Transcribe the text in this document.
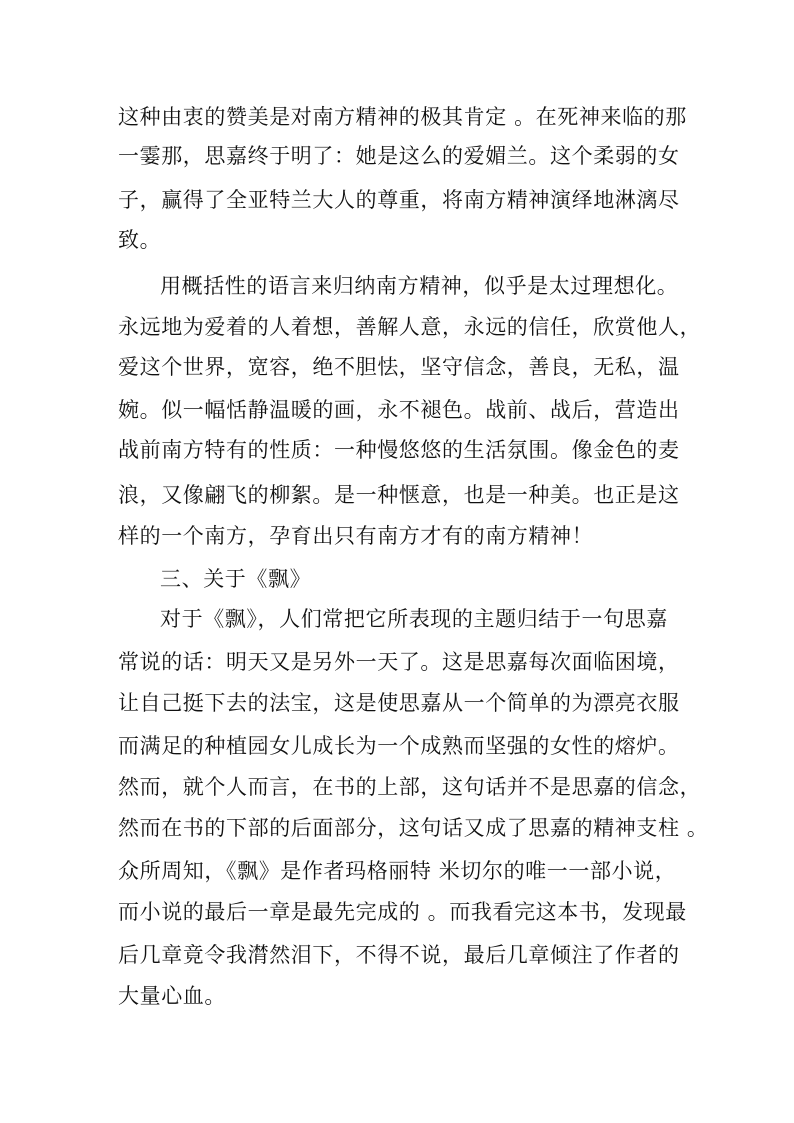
这种由衷的赞美是对南方精神的极其肯定 。在死神来临的那
一霎那，思嘉终于明了：她是这么的爱媚兰。这个柔弱的女
子，赢得了全亚特兰大人的尊重，将南方精神演绎地淋漓尽
致。
用概括性的语言来归纳南方精神，似乎是太过理想化。
永远地为爱着的人着想，善解人意，永远的信任，欣赏他人，
爱这个世界，宽容，绝不胆怯，坚守信念，善良，无私，温
婉。似一幅恬静温暖的画，永不褪色。战前、战后，营造出
战前南方特有的性质：一种慢悠悠的生活氛围。像金色的麦
浪，又像翩飞的柳絮。是一种惬意，也是一种美。也正是这
样的一个南方，孕育出只有南方才有的南方精神！
三、关于《飘》
对于《飘》，人们常把它所表现的主题归结于一句思嘉
常说的话：明天又是另外一天了。这是思嘉每次面临困境，
让自己挺下去的法宝，这是使思嘉从一个简单的为漂亮衣服
而满足的种植园女儿成长为一个成熟而坚强的女性的熔炉。
然而，就个人而言，在书的上部，这句话并不是思嘉的信念，
然而在书的下部的后面部分，这句话又成了思嘉的精神支柱 。
众所周知，《飘》是作者玛格丽特 米切尔的唯一一部小说，
而小说的最后一章是最先完成的 。而我看完这本书，发现最
后几章竟令我潸然泪下，不得不说，最后几章倾注了作者的
大量心血。
